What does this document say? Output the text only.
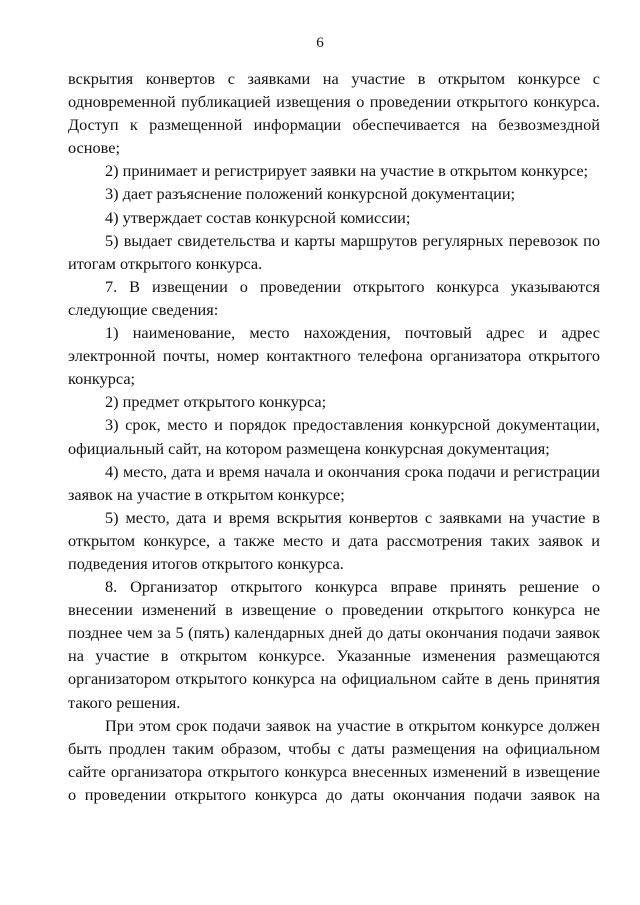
6

вскрытия конвертов с заявками на участие в открытом конкурсе с одновременной публикацией извещения о проведении открытого конкурса. Доступ к размещенной информации обеспечивается на безвозмездной основе;

2) принимает и регистрирует заявки на участие в открытом конкурсе;

3) дает разъяснение положений конкурсной документации;

4) утверждает состав конкурсной комиссии;

5) выдает свидетельства и карты маршрутов регулярных перевозок по итогам открытого конкурса.

7. В извещении о проведении открытого конкурса указываются следующие сведения:

1) наименование, место нахождения, почтовый адрес и адрес электронной почты, номер контактного телефона организатора открытого конкурса;

2) предмет открытого конкурса;

3) срок, место и порядок предоставления конкурсной документации, официальный сайт, на котором размещена конкурсная документация;

4) место, дата и время начала и окончания срока подачи и регистрации заявок на участие в открытом конкурсе;

5) место, дата и время вскрытия конвертов с заявками на участие в открытом конкурсе, а также место и дата рассмотрения таких заявок и подведения итогов открытого конкурса.

8. Организатор открытого конкурса вправе принять решение о внесении изменений в извещение о проведении открытого конкурса не позднее чем за 5 (пять) календарных дней до даты окончания подачи заявок на участие в открытом конкурсе. Указанные изменения размещаются организатором открытого конкурса на официальном сайте в день принятия такого решения.

При этом срок подачи заявок на участие в открытом конкурсе должен быть продлен таким образом, чтобы с даты размещения на официальном сайте организатора открытого конкурса внесенных изменений в извещение о проведении открытого конкурса до даты окончания подачи заявок на
